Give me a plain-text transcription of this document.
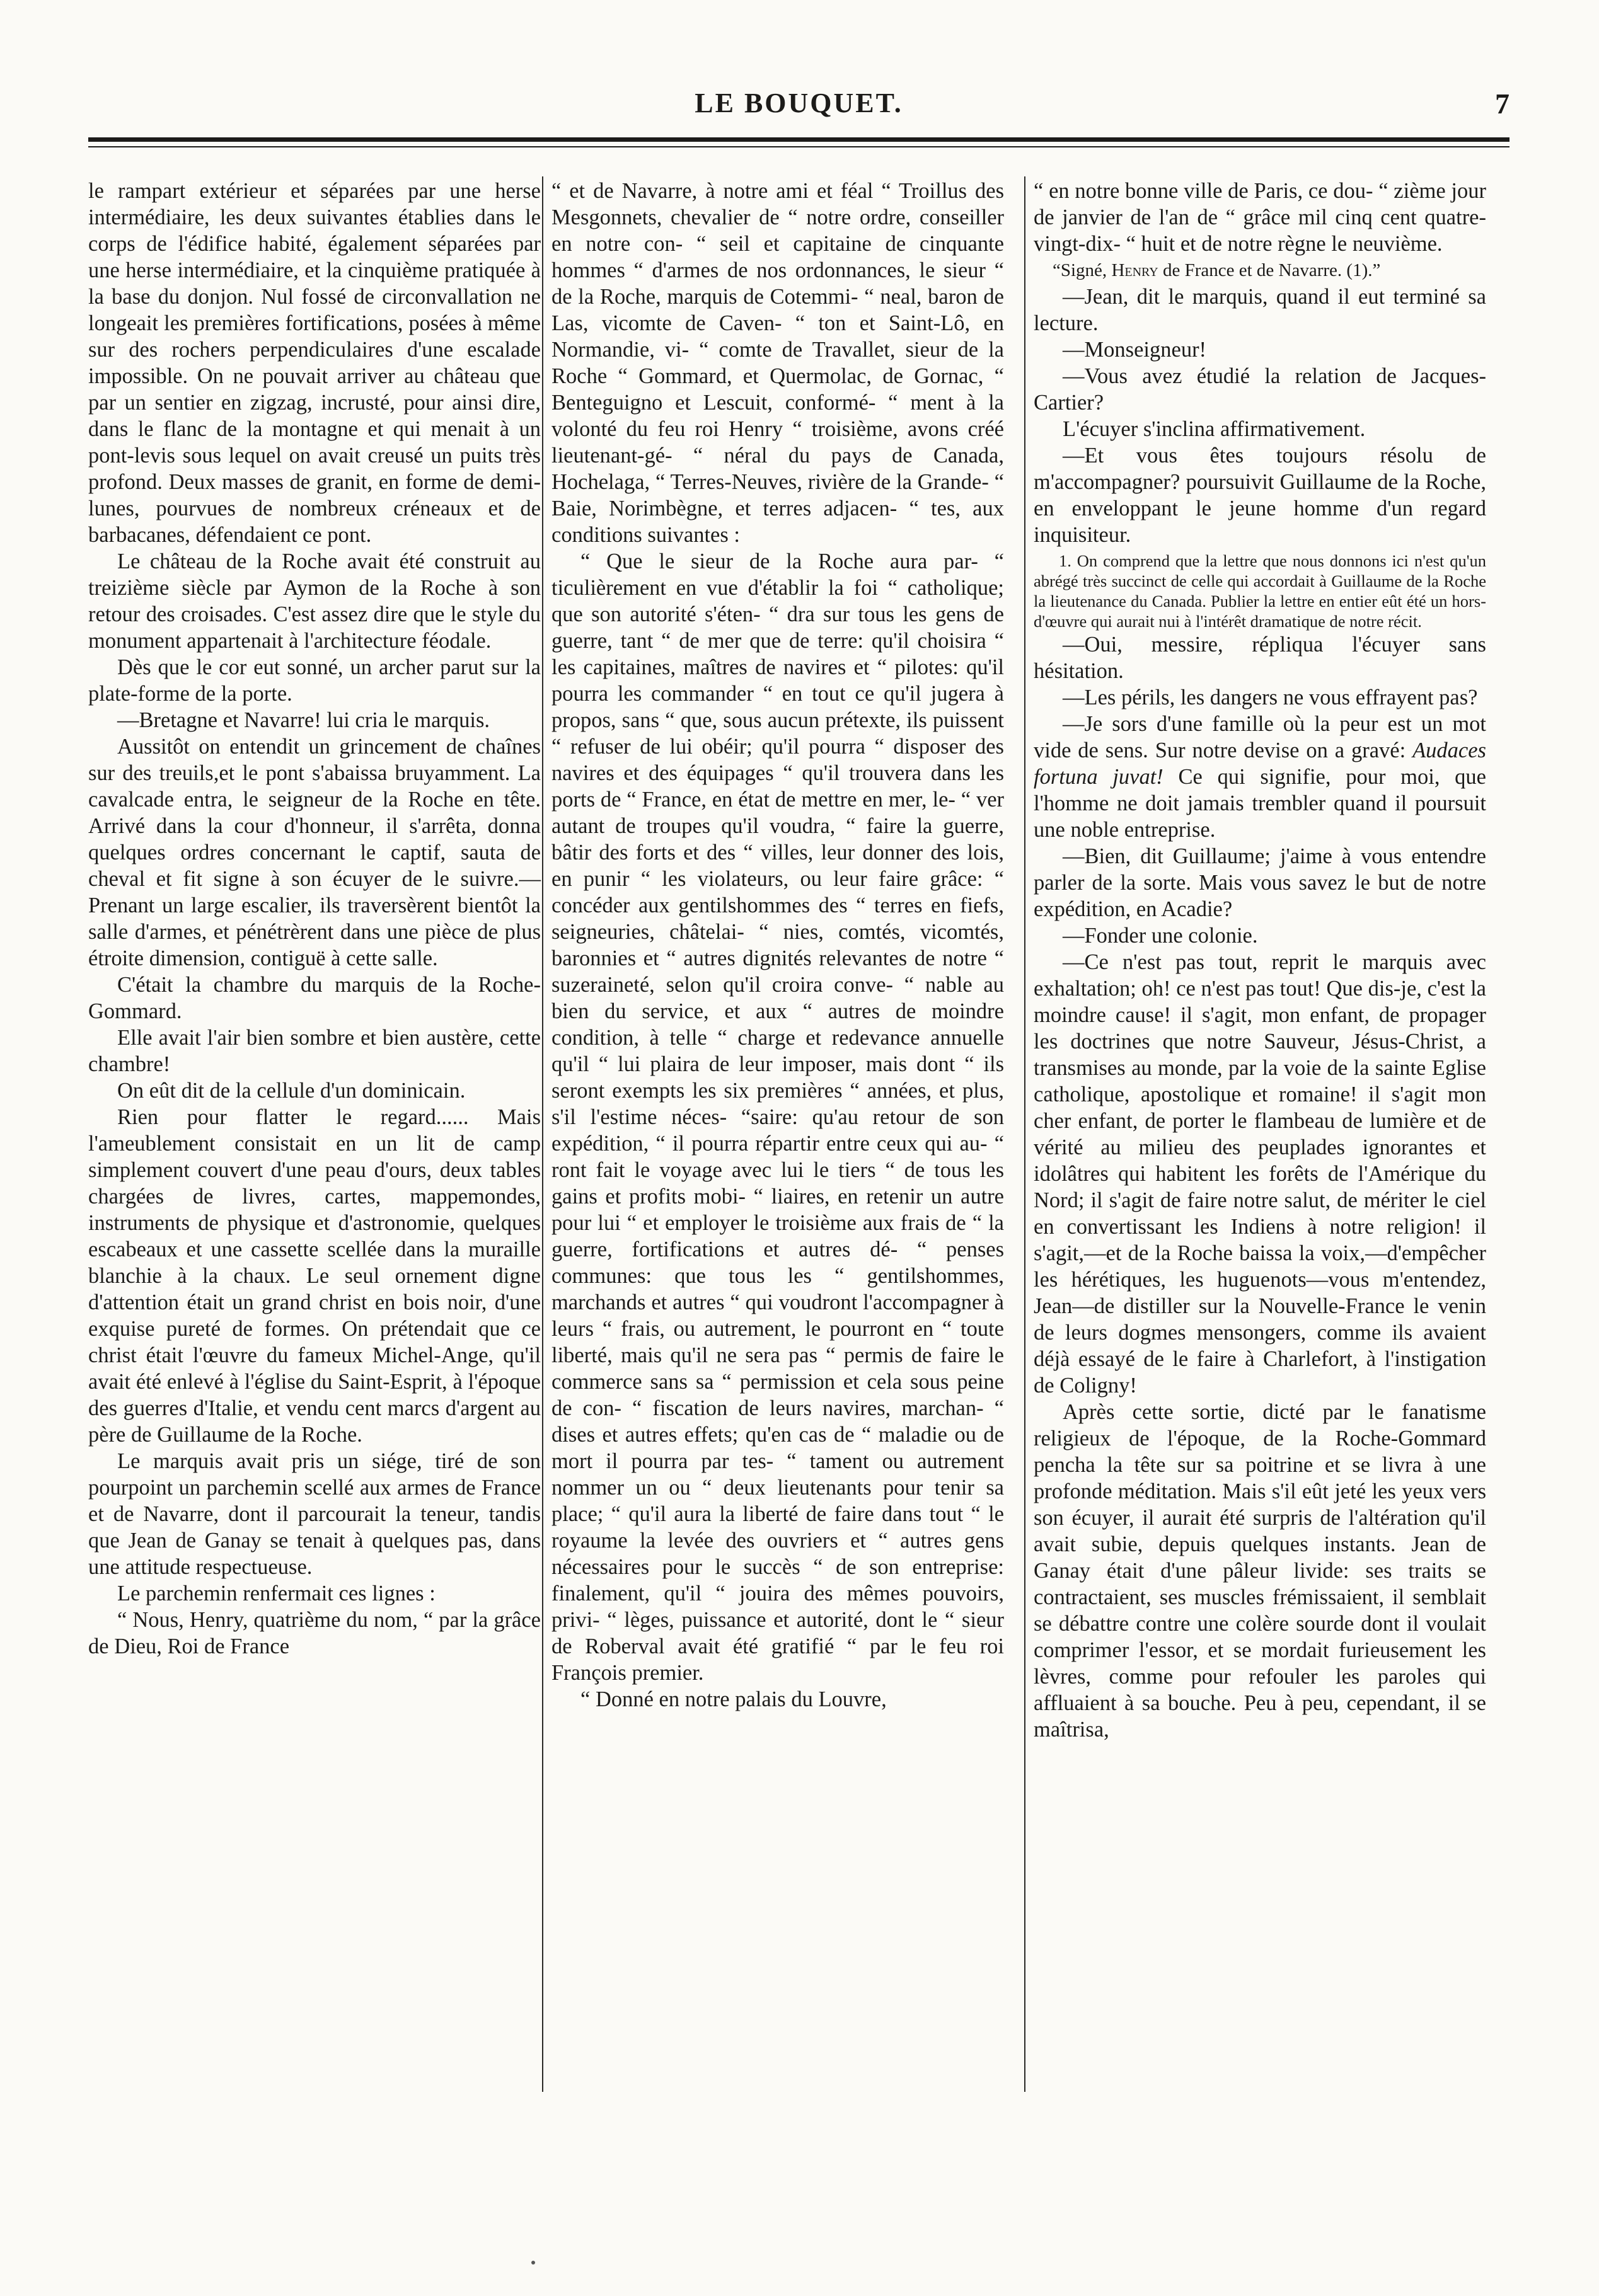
LE BOUQUET.	7

le rampart extérieur et séparées par une herse intermédiaire, les deux suivantes établies dans le corps de l'édifice habité, également séparées par une herse intermédiaire, et la cinquième pratiquée à la base du donjon. Nul fossé de circonvallation ne longeait les premières fortifications, posées à même sur des rochers perpendiculaires d'une escalade impossible. On ne pouvait arriver au château que par un sentier en zigzag, incrusté, pour ainsi dire, dans le flanc de la montagne et qui menait à un pont-levis sous lequel on avait creusé un puits très profond. Deux masses de granit, en forme de demi-lunes, pourvues de nombreux créneaux et de barbacanes, défendaient ce pont.

Le château de la Roche avait été construit au treizième siècle par Aymon de la Roche à son retour des croisades. C'est assez dire que le style du monument appartenait à l'architecture féodale.

Dès que le cor eut sonné, un archer parut sur la plate-forme de la porte.

—Bretagne et Navarre! lui cria le marquis.

Aussitôt on entendit un grincement de chaînes sur des treuils,et le pont s'abaissa bruyamment. La cavalcade entra, le seigneur de la Roche en tête. Arrivé dans la cour d'honneur, il s'arrêta, donna quelques ordres concernant le captif, sauta de cheval et fit signe à son écuyer de le suivre.— Prenant un large escalier, ils traversèrent bientôt la salle d'armes, et pénétrèrent dans une pièce de plus étroite dimension, contiguë à cette salle.

C'était la chambre du marquis de la Roche-Gommard.

Elle avait l'air bien sombre et bien austère, cette chambre!

On eût dit de la cellule d'un dominicain.

Rien pour flatter le regard...... Mais l'ameublement consistait en un lit de camp simplement couvert d'une peau d'ours, deux tables chargées de livres, cartes, mappemondes, instruments de physique et d'astronomie, quelques escabeaux et une cassette scellée dans la muraille blanchie à la chaux. Le seul ornement digne d'attention était un grand christ en bois noir, d'une exquise pureté de formes. On prétendait que ce christ était l'œuvre du fameux Michel-Ange, qu'il avait été enlevé à l'église du Saint-Esprit, à l'époque des guerres d'Italie, et vendu cent marcs d'argent au père de Guillaume de la Roche.

Le marquis avait pris un siége, tiré de son pourpoint un parchemin scellé aux armes de France et de Navarre, dont il parcourait la teneur, tandis que Jean de Ganay se tenait à quelques pas, dans une attitude respectueuse.

Le parchemin renfermait ces lignes :

“ Nous, Henry, quatrième du nom, “ par la grâce de Dieu, Roi de France

“ et de Navarre, à notre ami et féal “ Troillus des Mesgonnets, chevalier de “ notre ordre, conseiller en notre con- “ seil et capitaine de cinquante hommes “ d'armes de nos ordonnances, le sieur “ de la Roche, marquis de Cotemmi- “ neal, baron de Las, vicomte de Caven- “ ton et Saint-Lô, en Normandie, vi- “ comte de Travallet, sieur de la Roche “ Gommard, et Quermolac, de Gornac, “ Benteguigno et Lescuit, conformé- “ ment à la volonté du feu roi Henry “ troisième, avons créé lieutenant-gé- “ néral du pays de Canada, Hochelaga, “ Terres-Neuves, rivière de la Grande- “ Baie, Norimbègne, et terres adjacen- “ tes, aux conditions suivantes :

“ Que le sieur de la Roche aura par- “ ticulièrement en vue d'établir la foi “ catholique; que son autorité s'éten- “ dra sur tous les gens de guerre, tant “ de mer que de terre: qu'il choisira “ les capitaines, maîtres de navires et “ pilotes: qu'il pourra les commander “ en tout ce qu'il jugera à propos, sans “ que, sous aucun prétexte, ils puissent “ refuser de lui obéir; qu'il pourra “ disposer des navires et des équipages “ qu'il trouvera dans les ports de “ France, en état de mettre en mer, le- “ ver autant de troupes qu'il voudra, “ faire la guerre, bâtir des forts et des “ villes, leur donner des lois, en punir “ les violateurs, ou leur faire grâce: “ concéder aux gentilshommes des “ terres en fiefs, seigneuries, châtelai- “ nies, comtés, vicomtés, baronnies et “ autres dignités relevantes de notre “ suzeraineté, selon qu'il croira conve- “ nable au bien du service, et aux “ autres de moindre condition, à telle “ charge et redevance annuelle qu'il “ lui plaira de leur imposer, mais dont “ ils seront exempts les six premières “ années, et plus, s'il l'estime néces- “saire: qu'au retour de son expédition, “ il pourra répartir entre ceux qui au- “ ront fait le voyage avec lui le tiers “ de tous les gains et profits mobi- “ liaires, en retenir un autre pour lui “ et employer le troisième aux frais de “ la guerre, fortifications et autres dé- “ penses communes: que tous les “ gentilshommes, marchands et autres “ qui voudront l'accompagner à leurs “ frais, ou autrement, le pourront en “ toute liberté, mais qu'il ne sera pas “ permis de faire le commerce sans sa “ permission et cela sous peine de con- “ fiscation de leurs navires, marchan- “ dises et autres effets; qu'en cas de “ maladie ou de mort il pourra par tes- “ tament ou autrement nommer un ou “ deux lieutenants pour tenir sa place; “ qu'il aura la liberté de faire dans tout “ le royaume la levée des ouvriers et “ autres gens nécessaires pour le succès “ de son entreprise: finalement, qu'il “ jouira des mêmes pouvoirs, privi- “ lèges, puissance et autorité, dont le “ sieur de Roberval avait été gratifié “ par le feu roi François premier.

“ Donné en notre palais du Louvre,

“ en notre bonne ville de Paris, ce dou- “ zième jour de janvier de l'an de “ grâce mil cinq cent quatre-vingt-dix- “ huit et de notre règne le neuvième.

“Signé, Henry de France et de Navarre. (1).”

—Jean, dit le marquis, quand il eut terminé sa lecture.

—Monseigneur!

—Vous avez étudié la relation de Jacques-Cartier?

L'écuyer s'inclina affirmativement.

—Et vous êtes toujours résolu de m'accompagner? poursuivit Guillaume de la Roche, en enveloppant le jeune homme d'un regard inquisiteur.

1. On comprend que la lettre que nous donnons ici n'est qu'un abrégé très succinct de celle qui accordait à Guillaume de la Roche la lieutenance du Canada. Publier la lettre en entier eût été un hors-d'œuvre qui aurait nui à l'intérêt dramatique de notre récit.

—Oui, messire, répliqua l'écuyer sans hésitation.

—Les périls, les dangers ne vous effrayent pas?

—Je sors d'une famille où la peur est un mot vide de sens. Sur notre devise on a gravé: Audaces fortuna juvat! Ce qui signifie, pour moi, que l'homme ne doit jamais trembler quand il poursuit une noble entreprise.

—Bien, dit Guillaume; j'aime à vous entendre parler de la sorte. Mais vous savez le but de notre expédition, en Acadie?

—Fonder une colonie.

—Ce n'est pas tout, reprit le marquis avec exhaltation; oh! ce n'est pas tout! Que dis-je, c'est la moindre cause! il s'agit, mon enfant, de propager les doctrines que notre Sauveur, Jésus-Christ, a transmises au monde, par la voie de la sainte Eglise catholique, apostolique et romaine! il s'agit mon cher enfant, de porter le flambeau de lumière et de vérité au milieu des peuplades ignorantes et idolâtres qui habitent les forêts de l'Amérique du Nord; il s'agit de faire notre salut, de mériter le ciel en convertissant les Indiens à notre religion! il s'agit,—et de la Roche baissa la voix,—d'empêcher les hérétiques, les huguenots—vous m'entendez, Jean—de distiller sur la Nouvelle-France le venin de leurs dogmes mensongers, comme ils avaient déjà essayé de le faire à Charlefort, à l'instigation de Coligny!

Après cette sortie, dicté par le fanatisme religieux de l'époque, de la Roche-Gommard pencha la tête sur sa poitrine et se livra à une profonde méditation. Mais s'il eût jeté les yeux vers son écuyer, il aurait été surpris de l'altération qu'il avait subie, depuis quelques instants. Jean de Ganay était d'une pâleur livide: ses traits se contractaient, ses muscles frémissaient, il semblait se débattre contre une colère sourde dont il voulait comprimer l'essor, et se mordait furieusement les lèvres, comme pour refouler les paroles qui affluaient à sa bouche. Peu à peu, cependant, il se maîtrisa,
